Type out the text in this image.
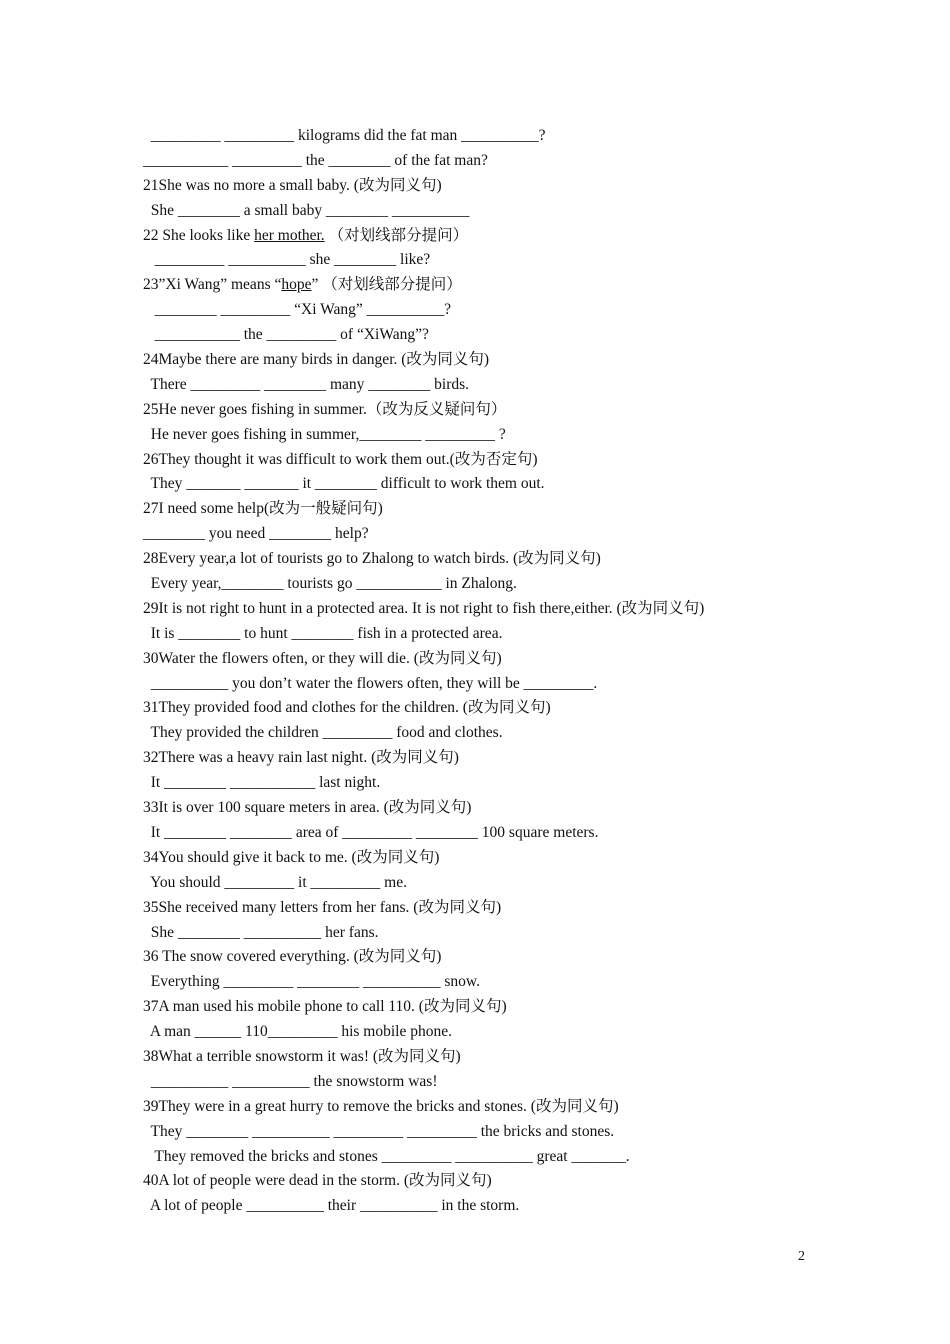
_________ _________ kilograms did the fat man __________?
___________ _________ the ________ of the fat man?
21She was no more a small baby. (改为同义句)
She ________ a small baby ________ __________
22 She looks like her mother. （对划线部分提问）
_________ __________ she ________ like?
23”Xi Wang” means “hope” （对划线部分提问）
________ _________ “Xi Wang” __________?
___________ the _________ of “XiWang”?
24Maybe there are many birds in danger. (改为同义句)
There _________ ________ many ________ birds.
25He never goes fishing in summer.（改为反义疑问句）
He never goes fishing in summer,________ _________ ?
26They thought it was difficult to work them out.(改为否定句)
They _______ _______ it ________ difficult to work them out.
27I need some help(改为一般疑问句)
________ you need ________ help?
28Every year,a lot of tourists go to Zhalong to watch birds. (改为同义句)
Every year,________ tourists go ___________ in Zhalong.
29It is not right to hunt in a protected area. It is not right to fish there,either. (改为同义句)
It is ________ to hunt ________ fish in a protected area.
30Water the flowers often, or they will die. (改为同义句)
__________ you don’t water the flowers often, they will be _________.
31They provided food and clothes for the children. (改为同义句)
They provided the children _________ food and clothes.
32There was a heavy rain last night. (改为同义句)
It ________ ___________ last night.
33It is over 100 square meters in area. (改为同义句)
It ________ ________ area of _________ ________ 100 square meters.
34You should give it back to me. (改为同义句)
You should _________ it _________ me.
35She received many letters from her fans. (改为同义句)
She ________ __________ her fans.
36 The snow covered everything. (改为同义句)
Everything _________ ________ __________ snow.
37A man used his mobile phone to call 110. (改为同义句)
A man ______ 110_________ his mobile phone.
38What a terrible snowstorm it was! (改为同义句)
__________ __________ the snowstorm was!
39They were in a great hurry to remove the bricks and stones. (改为同义句)
They ________ __________ _________ _________ the bricks and stones.
They removed the bricks and stones _________ __________ great _______.
40A lot of people were dead in the storm. (改为同义句)
A lot of people __________ their __________ in the storm.
2
